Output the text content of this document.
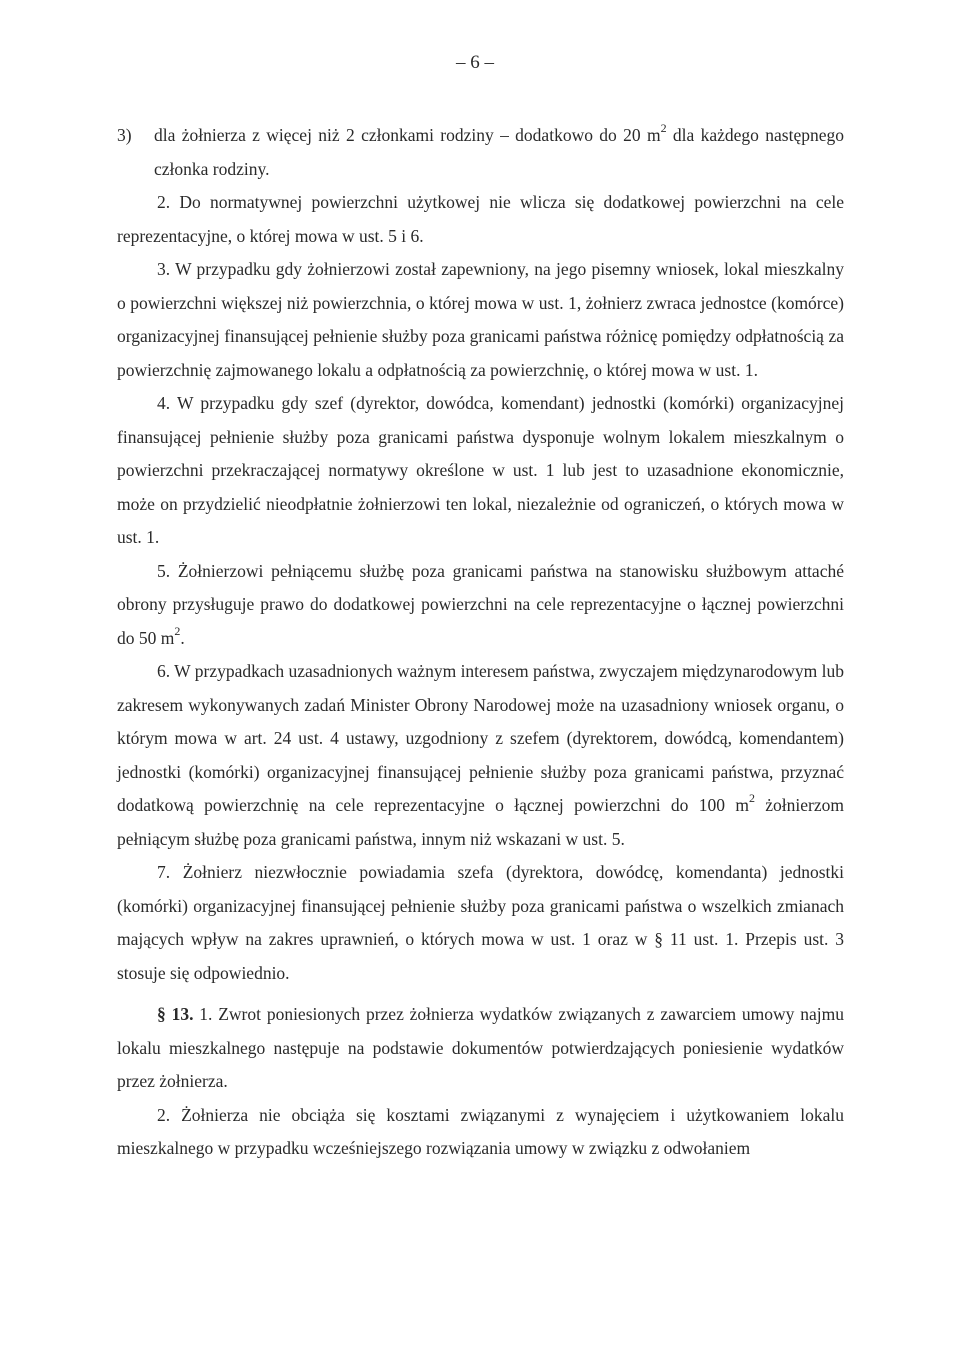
– 6 –

3) dla żołnierza z więcej niż 2 członkami rodziny – dodatkowo do 20 $m^2$ dla każdego następnego członka rodziny.

2. Do normatywnej powierzchni użytkowej nie wlicza się dodatkowej powierzchni na cele reprezentacyjne, o której mowa w ust. 5 i 6.

3. W przypadku gdy żołnierzowi został zapewniony, na jego pisemny wniosek, lokal mieszkalny o powierzchni większej niż powierzchnia, o której mowa w ust. 1, żołnierz zwraca jednostce (komórce) organizacyjnej finansującej pełnienie służby poza granicami państwa różnicę pomiędzy odpłatnością za powierzchnię zajmowanego lokalu a odpłatnością za powierzchnię, o której mowa w ust. 1.

4. W przypadku gdy szef (dyrektor, dowódca, komendant) jednostki (komórki) organizacyjnej finansującej pełnienie służby poza granicami państwa dysponuje wolnym lokalem mieszkalnym o powierzchni przekraczającej normatywy określone w ust. 1 lub jest to uzasadnione ekonomicznie, może on przydzielić nieodpłatnie żołnierzowi ten lokal, niezależnie od ograniczeń, o których mowa w ust. 1.

5. Żołnierzowi pełniącemu służbę poza granicami państwa na stanowisku służbowym attaché obrony przysługuje prawo do dodatkowej powierzchni na cele reprezentacyjne o łącznej powierzchni do 50 $m^2$.

6. W przypadkach uzasadnionych ważnym interesem państwa, zwyczajem międzynarodowym lub zakresem wykonywanych zadań Minister Obrony Narodowej może na uzasadniony wniosek organu, o którym mowa w art. 24 ust. 4 ustawy, uzgodniony z szefem (dyrektorem, dowódcą, komendantem) jednostki (komórki) organizacyjnej finansującej pełnienie służby poza granicami państwa, przyznać dodatkową powierzchnię na cele reprezentacyjne o łącznej powierzchni do 100 $m^2$ żołnierzom pełniącym służbę poza granicami państwa, innym niż wskazani w ust. 5.

7. Żołnierz niezwłocznie powiadamia szefa (dyrektora, dowódcę, komendanta) jednostki (komórki) organizacyjnej finansującej pełnienie służby poza granicami państwa o wszelkich zmianach mających wpływ na zakres uprawnień, o których mowa w ust. 1 oraz w § 11 ust. 1. Przepis ust. 3 stosuje się odpowiednio.

§ 13. 1. Zwrot poniesionych przez żołnierza wydatków związanych z zawarciem umowy najmu lokalu mieszkalnego następuje na podstawie dokumentów potwierdzających poniesienie wydatków przez żołnierza.

2. Żołnierza nie obciąża się kosztami związanymi z wynajęciem i użytkowaniem lokalu mieszkalnego w przypadku wcześniejszego rozwiązania umowy w związku z odwołaniem
